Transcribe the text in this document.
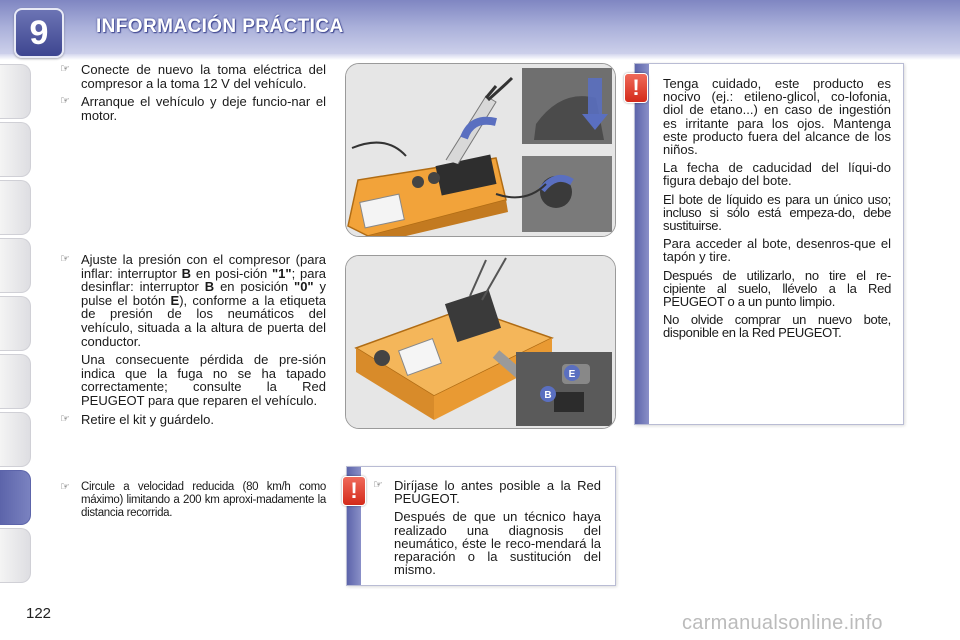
9	INFORMACIÓN PRÁCTICA
☞ Conecte de nuevo la toma eléctrica del compresor a la toma 12 V del vehículo.
☞ Arranque el vehículo y deje funcio-nar el motor.
☞ Ajuste la presión con el compresor (para inflar: interruptor B en posi-ción "1"; para desinflar: interruptor B en posición "0" y pulse el botón E), conforme a la etiqueta de presión de los neumáticos del vehículo, situada a la altura de puerta del conductor.
Una consecuente pérdida de pre-sión indica que la fuga no se ha tapado correctamente; consulte la Red PEUGEOT para que reparen el vehículo.
☞ Retire el kit y guárdelo.
☞ Circule a velocidad reducida (80 km/h como máximo) limitando a 200 km aproxi-madamente la distancia recorrida.
E
B

Tenga cuidado, este producto es nocivo (ej.: etileno-glicol, co-lofonia, diol de etano...) en caso de ingestión es irritante para los ojos. Mantenga este producto fuera del alcance de los niños.

La fecha de caducidad del líqui-do figura debajo del bote.

El bote de líquido es para un único uso; incluso si sólo está empeza-do, debe sustituirse.

Para acceder al bote, desenros-que el tapón y tire.

Después de utilizarlo, no tire el re-cipiente al suelo, llévelo a la Red PEUGEOT o a un punto limpio.

No olvide comprar un nuevo bote, disponible en la Red PEUGEOT.

!
☞ Diríjase lo antes posible a la Red PEUGEOT.
Después de que un técnico haya realizado una diagnosis del neumático, éste le reco-mendará la reparación o la sustitución del mismo.
!
122	carmanualsonline.info
